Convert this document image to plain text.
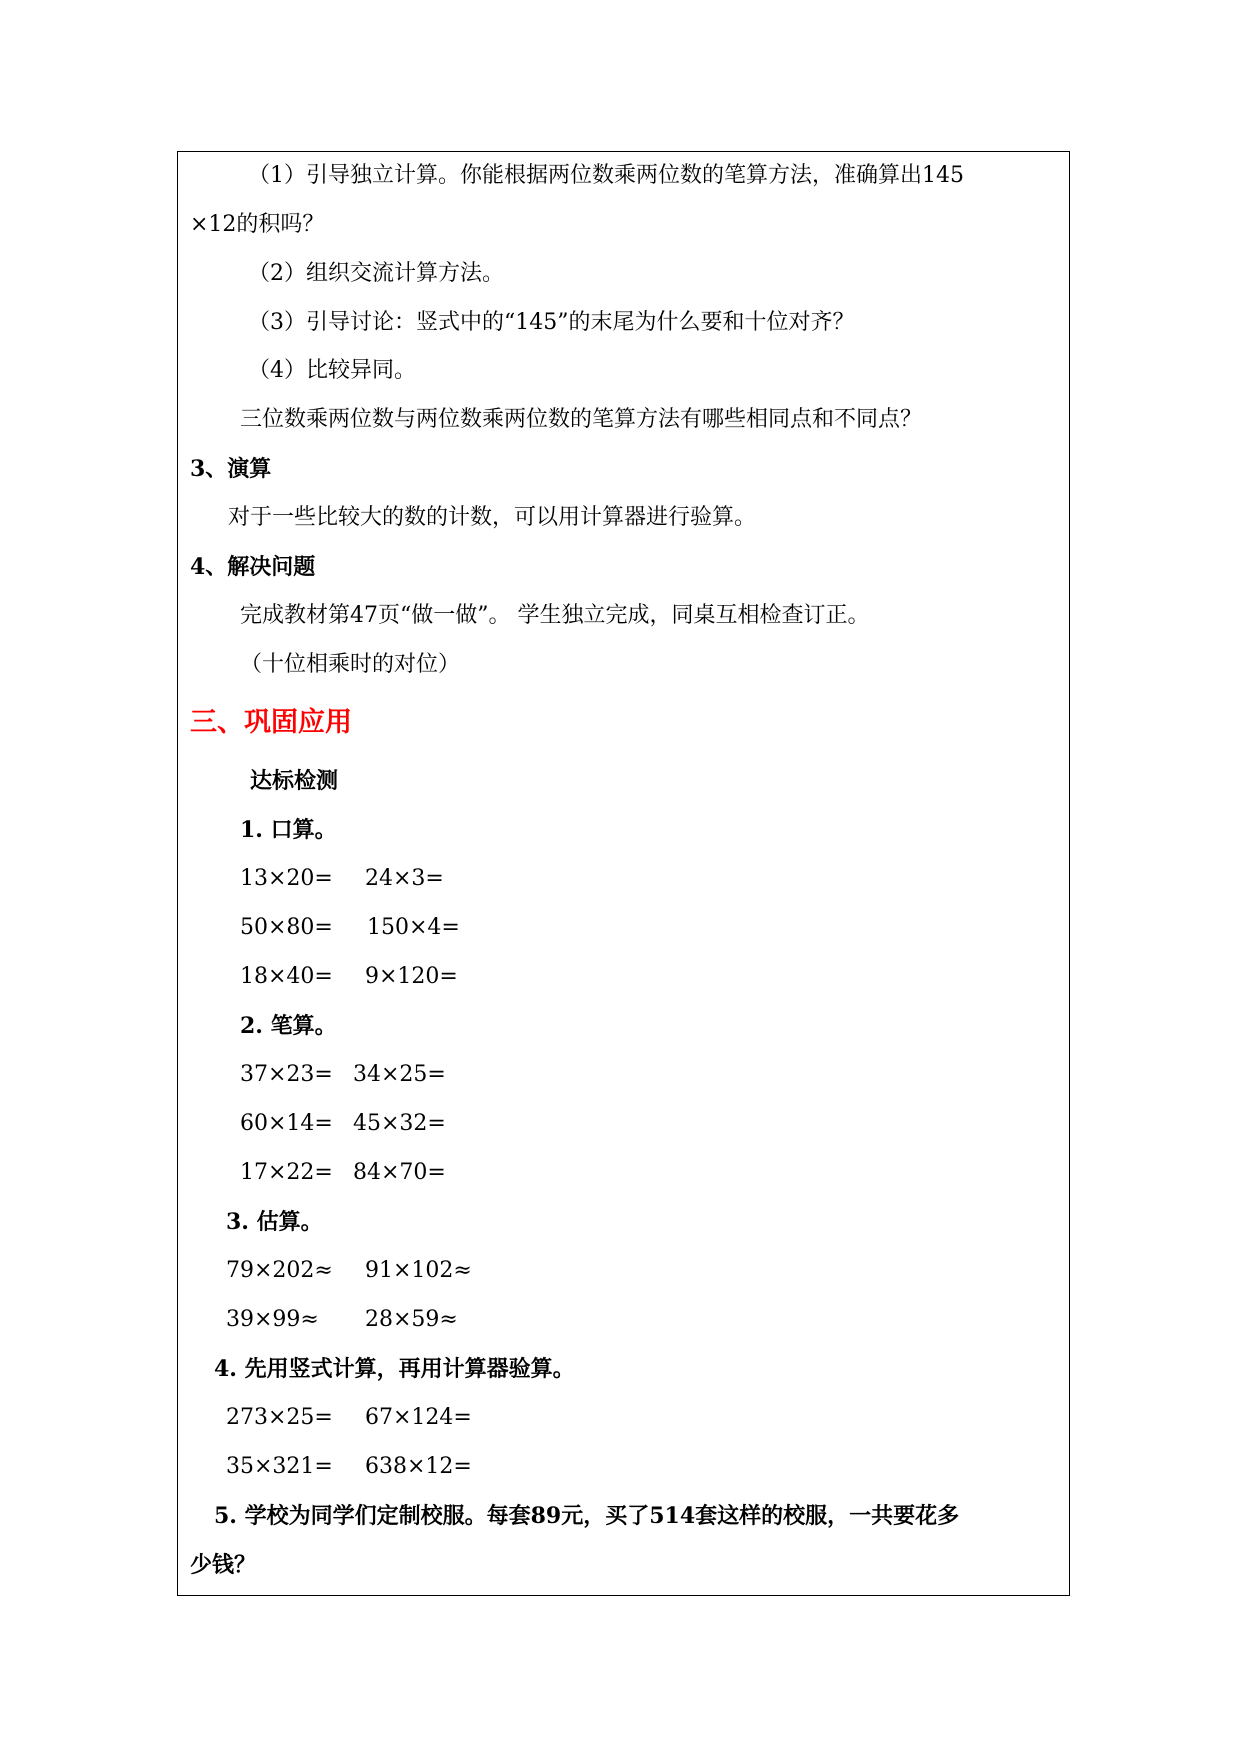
（1）引导独立计算。你能根据两位数乘两位数的笔算方法，准确算出145
×12的积吗？
（2）组织交流计算方法。
（3）引导讨论：竖式中的“145”的末尾为什么要和十位对齐？
（4）比较异同。
三位数乘两位数与两位数乘两位数的笔算方法有哪些相同点和不同点？
3、演算
对于一些比较大的数的计数，可以用计算器进行验算。
4、解决问题
完成教材第47页“做一做”。 学生独立完成，同桌互相检查订正。
（十位相乘时的对位）
三、巩固应用
达标检测
1. 口算。
13×20= 24×3=
50×80= 150×4=
18×40= 9×120=
2. 笔算。
37×23= 34×25=
60×14= 45×32=
17×22= 84×70=
3. 估算。
79×202≈ 91×102≈
39×99≈ 28×59≈
4. 先用竖式计算，再用计算器验算。
273×25= 67×124=
35×321= 638×12=
5. 学校为同学们定制校服。每套89元，买了514套这样的校服，一共要花多
少钱？
